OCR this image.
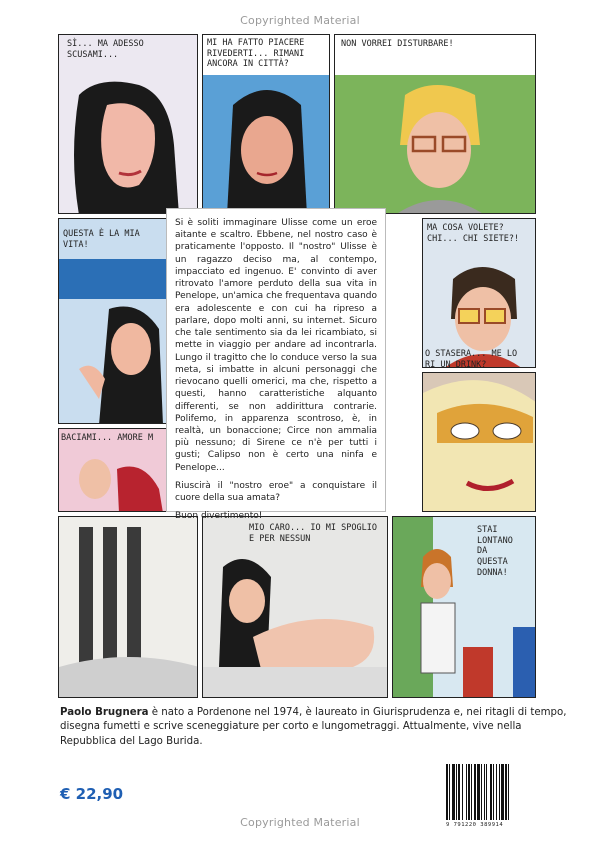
Copyrighted Material
SÌ... MA ADESSO
SCUSAMI...
MI HA FATTO PIACERE
RIVEDERTI... RIMANI
ANCORA IN CITTÀ?
NON VORREI DISTURBARE!
QUESTA È LA MIA VITA!
MA COSA VOLETE?
CHI... CHI SIETE?!
O STASERA... ME LO
RI UN DRINK?
BACIAMI... AMORE M
MIO CARO... IO MI SPOGLIO
E PER NESSUN
STAI
LONTANO
DA
QUESTA
DONNA!

Si è soliti immaginare Ulisse come un eroe aitante e scaltro. Ebbene, nel nostro caso è praticamente l'opposto. Il "nostro" Ulisse è un ragazzo deciso ma, al contempo, impacciato ed ingenuo. E' convinto di aver ritrovato l'amore perduto della sua vita in Penelope, un'amica che frequentava quando era adolescente e con cui ha ripreso a parlare, dopo molti anni, su internet. Sicuro che tale sentimento sia da lei ricambiato, si mette in viaggio per andare ad incontrarla. Lungo il tragitto che lo conduce verso la sua meta, si imbatte in alcuni personaggi che rievocano quelli omerici, ma che, rispetto a questi, hanno caratteristiche alquanto differenti, se non addirittura contrarie. Polifemo, in apparenza scontroso, è, in realtà, un bonaccione; Circe non ammalia più nessuno; di Sirene ce n'è per tutti i gusti; Calipso non è certo una ninfa e Penelope...

Riuscirà il "nostro eroe" a conquistare il cuore della sua amata?

Buon divertimento!

Paolo Brugnera è nato a Pordenone nel 1974, è laureato in Giurisprudenza e, nei ritagli di tempo, disegna fumetti e scrive sceneggiature per corto e lungometraggi. Attualmente, vive nella Repubblica del Lago Burida.
€ 22,90
9 791220 389914
Copyrighted Material
